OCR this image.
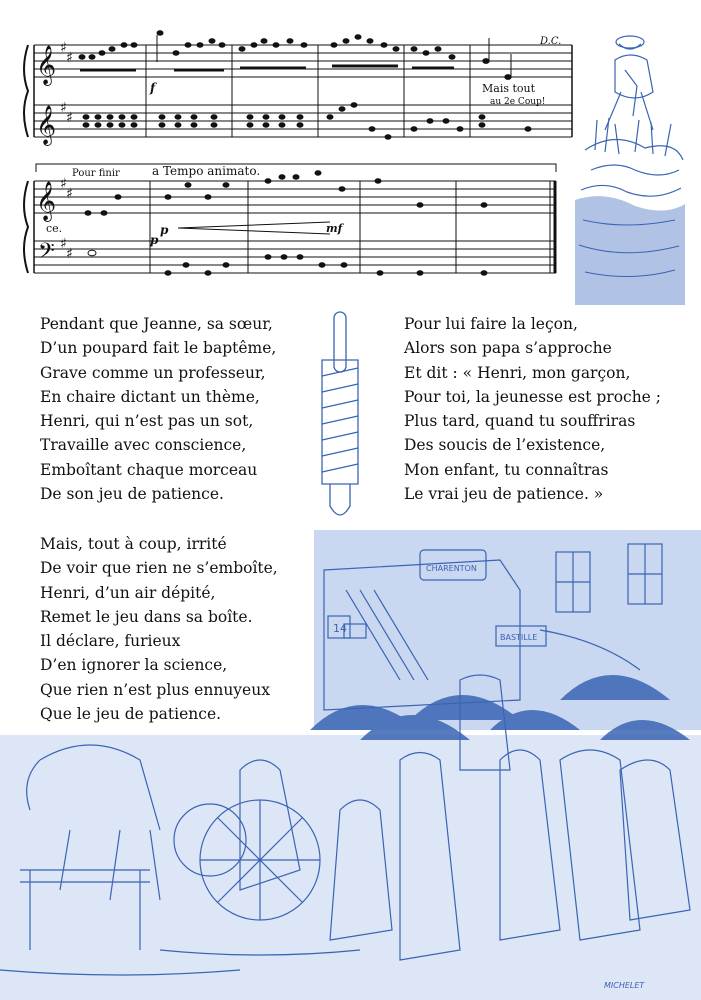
𝄞
𝄞
𝄞
𝄢
♯
♯
♯
♯
♯
♯
♯
♯
D.C.
Mais tout
au 2e Coup!
Pour finir	a Tempo animato.
ce.
f
p
p
mf
Pendant que Jeanne, sa sœur,
D’un poupard fait le baptême,
Grave comme un professeur,
En chaire dictant un thème,
Henri, qui n’est pas un sot,
Travaille avec conscience,
Emboîtant chaque morceau
De son jeu de patience.
Pour lui faire la leçon,
Alors son papa s’approche
Et dit : « Henri, mon garçon,
Pour toi, la jeunesse est proche ;
Plus tard, quand tu souffriras
Des soucis de l’existence,
Mon enfant, tu connaîtras
Le vrai jeu de patience. »
Mais, tout à coup, irrité
De voir que rien ne s’emboîte,
Henri, d’un air dépité,
Remet le jeu dans sa boîte.
Il déclare, furieux
D’en ignorer la science,
Que rien n’est plus ennuyeux
Que le jeu de patience.
CHARENTON
14
BASTILLE
MICHELET
